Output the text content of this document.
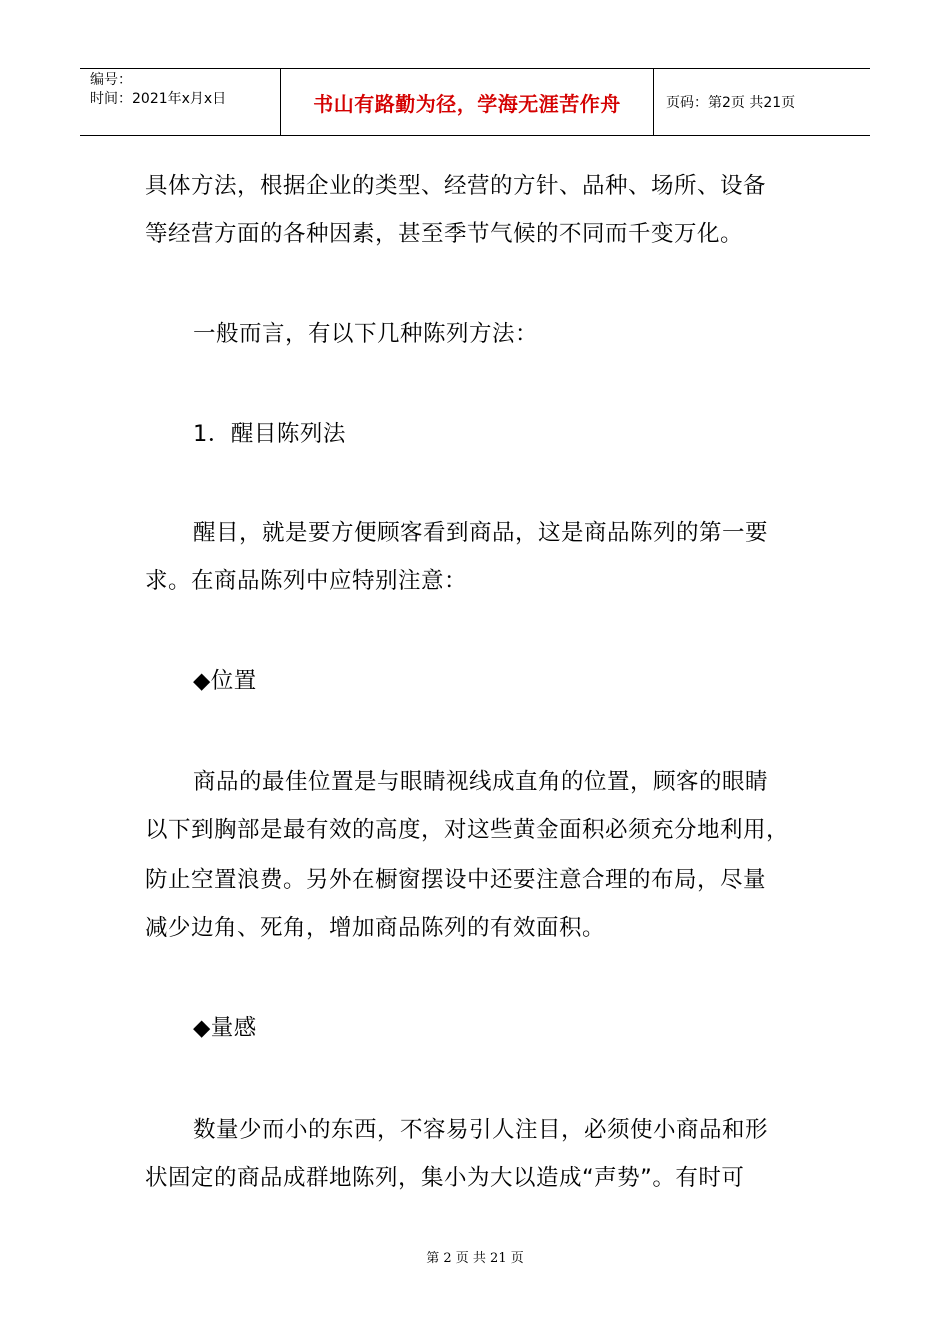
编号：
时间：2021年x月x日	书山有路勤为径，学海无涯苦作舟	页码：第2页 共21页
具体方法，根据企业的类型、经营的方针、品种、场所、设备
等经营方面的各种因素，甚至季节气候的不同而千变万化。
一般而言，有以下几种陈列方法：
1．醒目陈列法
醒目，就是要方便顾客看到商品，这是商品陈列的第一要
求。在商品陈列中应特别注意：
◆位置
商品的最佳位置是与眼睛视线成直角的位置，顾客的眼睛
以下到胸部是最有效的高度，对这些黄金面积必须充分地利用，
防止空置浪费。另外在橱窗摆设中还要注意合理的布局，尽量
减少边角、死角，增加商品陈列的有效面积。
◆量感
数量少而小的东西，不容易引人注目，必须使小商品和形
状固定的商品成群地陈列，集小为大以造成“声势”。有时可
第 2 页 共 21 页
